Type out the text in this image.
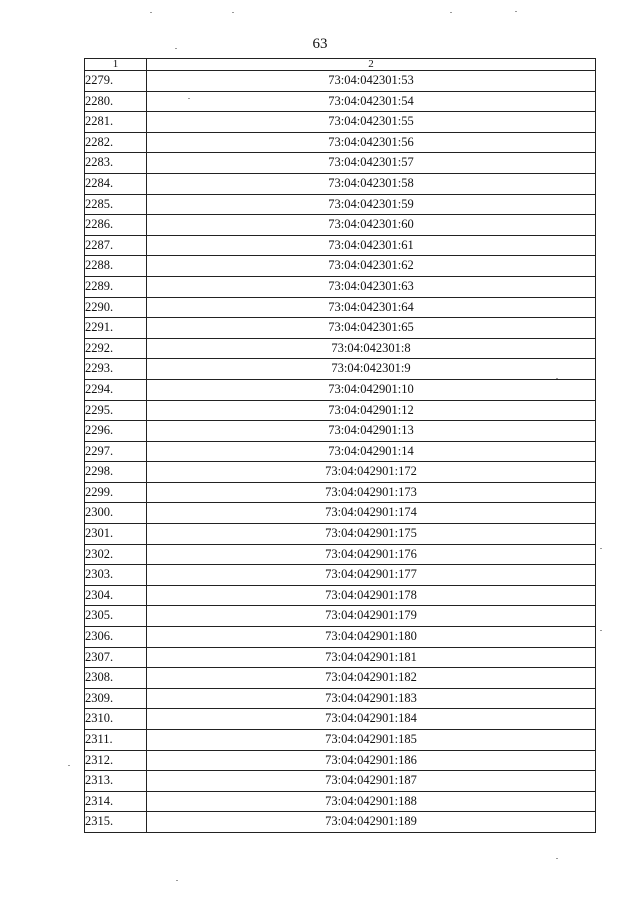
63
1	2
2279.	73:04:042301:53
2280.	73:04:042301:54
2281.	73:04:042301:55
2282.	73:04:042301:56
2283.	73:04:042301:57
2284.	73:04:042301:58
2285.	73:04:042301:59
2286.	73:04:042301:60
2287.	73:04:042301:61
2288.	73:04:042301:62
2289.	73:04:042301:63
2290.	73:04:042301:64
2291.	73:04:042301:65
2292.	73:04:042301:8
2293.	73:04:042301:9
2294.	73:04:042901:10
2295.	73:04:042901:12
2296.	73:04:042901:13
2297.	73:04:042901:14
2298.	73:04:042901:172
2299.	73:04:042901:173
2300.	73:04:042901:174
2301.	73:04:042901:175
2302.	73:04:042901:176
2303.	73:04:042901:177
2304.	73:04:042901:178
2305.	73:04:042901:179
2306.	73:04:042901:180
2307.	73:04:042901:181
2308.	73:04:042901:182
2309.	73:04:042901:183
2310.	73:04:042901:184
2311.	73:04:042901:185
2312.	73:04:042901:186
2313.	73:04:042901:187
2314.	73:04:042901:188
2315.	73:04:042901:189
